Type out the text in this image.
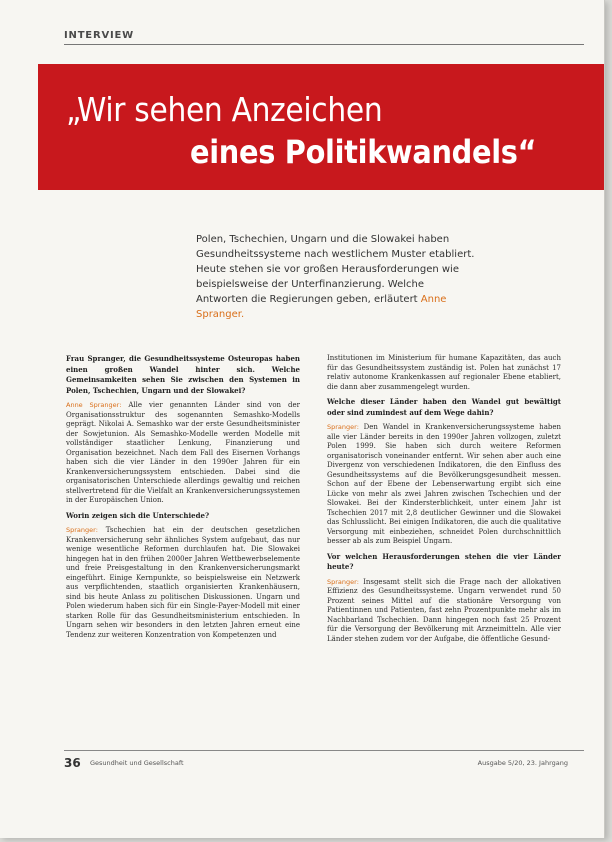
INTERVIEW
„Wir sehen Anzeichen
eines Politikwandels“
Polen, Tschechien, Ungarn und die Slowakei haben Gesundheitssysteme nach westlichem Muster etabliert. Heute stehen sie vor großen Herausforderungen wie beispielsweise der Unterfinanzierung. Welche Antworten die Regierungen geben, erläutert Anne Spranger.

Frau Spranger, die Gesundheitssysteme Osteuropas haben einen großen Wandel hinter sich. Welche Gemeinsamkeiten sehen Sie zwischen den Systemen in Polen, Tschechien, Ungarn und der Slowakei?

Anne Spranger: Alle vier genannten Länder sind von der Organisationsstruktur des sogenannten Semashko-Modells geprägt. Nikolai A. Semashko war der erste Gesundheitsminister der Sowjetunion. Als Semashko-Modelle werden Modelle mit vollständiger staatlicher Lenkung, Finanzierung und Organisation bezeichnet. Nach dem Fall des Eisernen Vorhangs haben sich die vier Länder in den 1990er Jahren für ein Krankenversicherungssystem entschieden. Dabei sind die organisatorischen Unterschiede allerdings gewaltig und reichen stellvertretend für die Vielfalt an Krankenversicherungssystemen in der Europäischen Union.

Worin zeigen sich die Unterschiede?

Spranger: Tschechien hat ein der deutschen gesetzlichen Krankenversicherung sehr ähnliches System aufgebaut, das nur wenige wesentliche Reformen durchlaufen hat. Die Slowakei hingegen hat in den frühen 2000er Jahren Wettbewerbselemente und freie Preisgestaltung in den Krankenversicherungsmarkt eingeführt. Einige Kernpunkte, so beispielsweise ein Netzwerk aus verpflichtenden, staatlich organisierten Krankenhäusern, sind bis heute Anlass zu politischen Diskussionen. Ungarn und Polen wiederum haben sich für ein Single-Payer-Modell mit einer starken Rolle für das Gesundheitsministerium entschieden. In Ungarn sehen wir besonders in den letzten Jahren erneut eine Tendenz zur weiteren Konzentration von Kompetenzen und

Institutionen im Ministerium für humane Kapazitäten, das auch für das Gesundheitssystem zuständig ist. Polen hat zunächst 17 relativ autonome Krankenkassen auf regionaler Ebene etabliert, die dann aber zusammengelegt wurden.

Welche dieser Länder haben den Wandel gut bewältigt oder sind zumindest auf dem Wege dahin?

Spranger: Den Wandel in Krankenversicherungssysteme haben alle vier Länder bereits in den 1990er Jahren vollzogen, zuletzt Polen 1999. Sie haben sich durch weitere Reformen organisatorisch voneinander entfernt. Wir sehen aber auch eine Divergenz von verschiedenen Indikatoren, die den Einfluss des Gesundheitssystems auf die Bevölkerungsgesundheit messen. Schon auf der Ebene der Lebenserwartung ergibt sich eine Lücke von mehr als zwei Jahren zwischen Tschechien und der Slowakei. Bei der Kindersterblichkeit, unter einem Jahr ist Tschechien 2017 mit 2,8 deutlicher Gewinner und die Slowakei das Schlusslicht. Bei einigen Indikatoren, die auch die qualitative Versorgung mit einbeziehen, schneidet Polen durchschnittlich besser ab als zum Beispiel Ungarn.

Vor welchen Herausforderungen stehen die vier Länder heute?

Spranger: Insgesamt stellt sich die Frage nach der allokativen Effizienz des Gesundheitssysteme. Ungarn verwendet rund 50 Prozent seines Mittel auf die stationäre Versorgung von Patientinnen und Patienten, fast zehn Prozentpunkte mehr als im Nachbarland Tschechien. Dann hingegen noch fast 25 Prozent für die Versorgung der Bevölkerung mit Arzneimitteln. Alle vier Länder stehen zudem vor der Aufgabe, die öffentliche Gesund-

36 Gesundheit und Gesellschaft	Ausgabe 5/20, 23. Jahrgang
